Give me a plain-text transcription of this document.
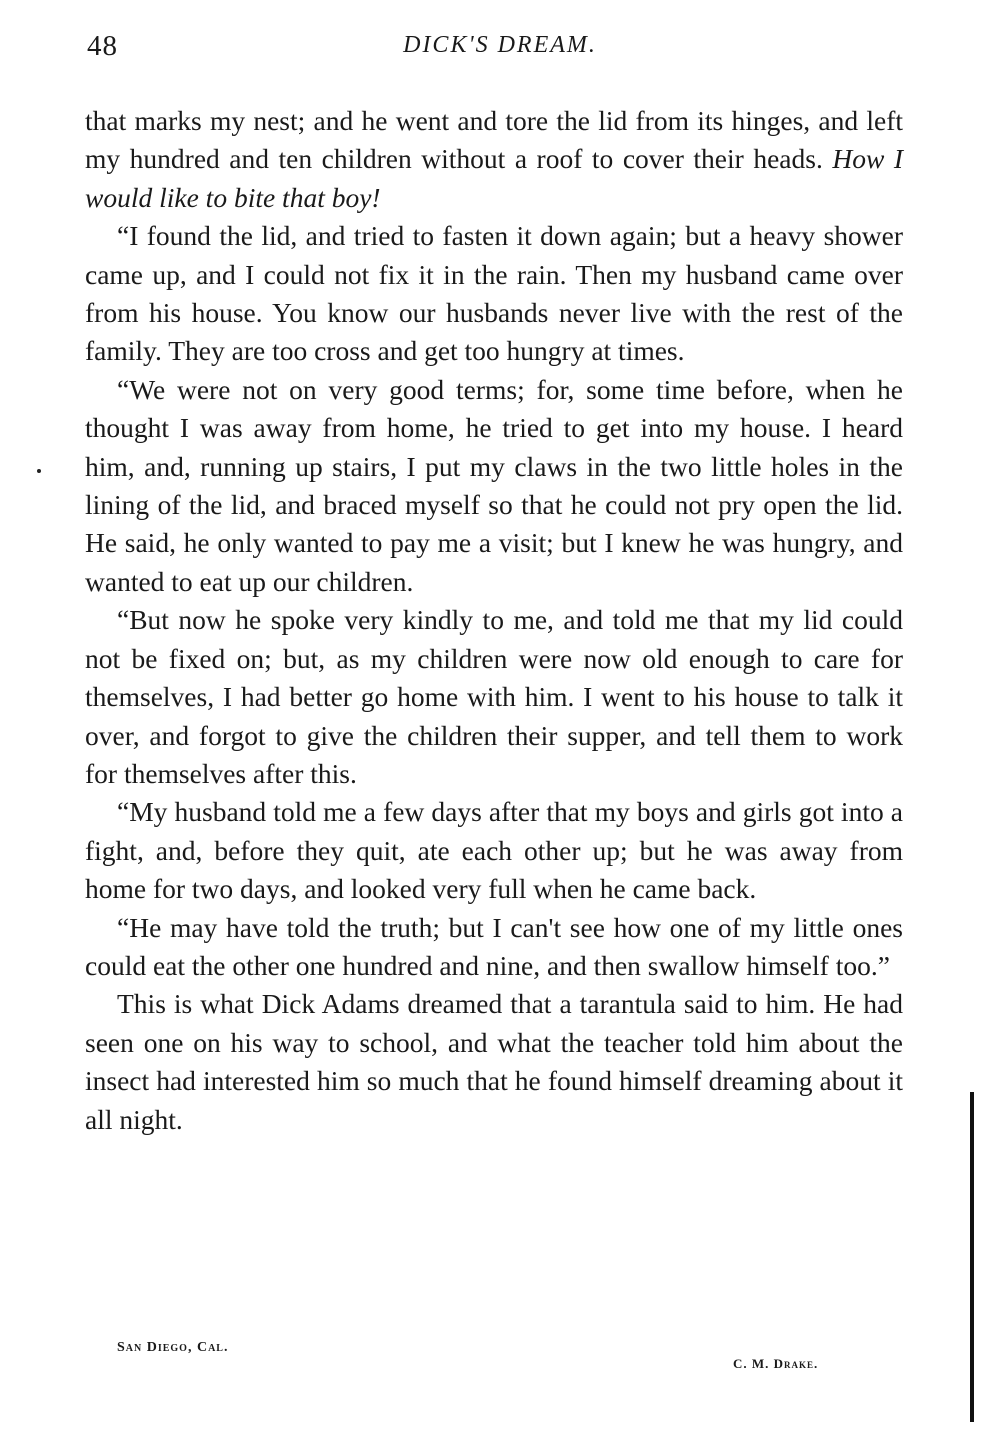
48	DICK'S DREAM.

that marks my nest; and he went and tore the lid from its hinges, and left my hundred and ten children without a roof to cover their heads. How I would like to bite that boy!

“I found the lid, and tried to fasten it down again; but a heavy shower came up, and I could not fix it in the rain. Then my husband came over from his house. You know our husbands never live with the rest of the family. They are too cross and get too hungry at times.

“We were not on very good terms; for, some time before, when he thought I was away from home, he tried to get into my house. I heard him, and, running up stairs, I put my claws in the two little holes in the lining of the lid, and braced myself so that he could not pry open the lid. He said, he only wanted to pay me a visit; but I knew he was hungry, and wanted to eat up our children.

“But now he spoke very kindly to me, and told me that my lid could not be fixed on; but, as my children were now old enough to care for themselves, I had better go home with him. I went to his house to talk it over, and forgot to give the children their supper, and tell them to work for themselves after this.

“My husband told me a few days after that my boys and girls got into a fight, and, before they quit, ate each other up; but he was away from home for two days, and looked very full when he came back.

“He may have told the truth; but I can't see how one of my little ones could eat the other one hundred and nine, and then swallow himself too.”

This is what Dick Adams dreamed that a tarantula said to him. He had seen one on his way to school, and what the teacher told him about the insect had interested him so much that he found himself dreaming about it all night.

San Diego, Cal.
C. M. Drake.
